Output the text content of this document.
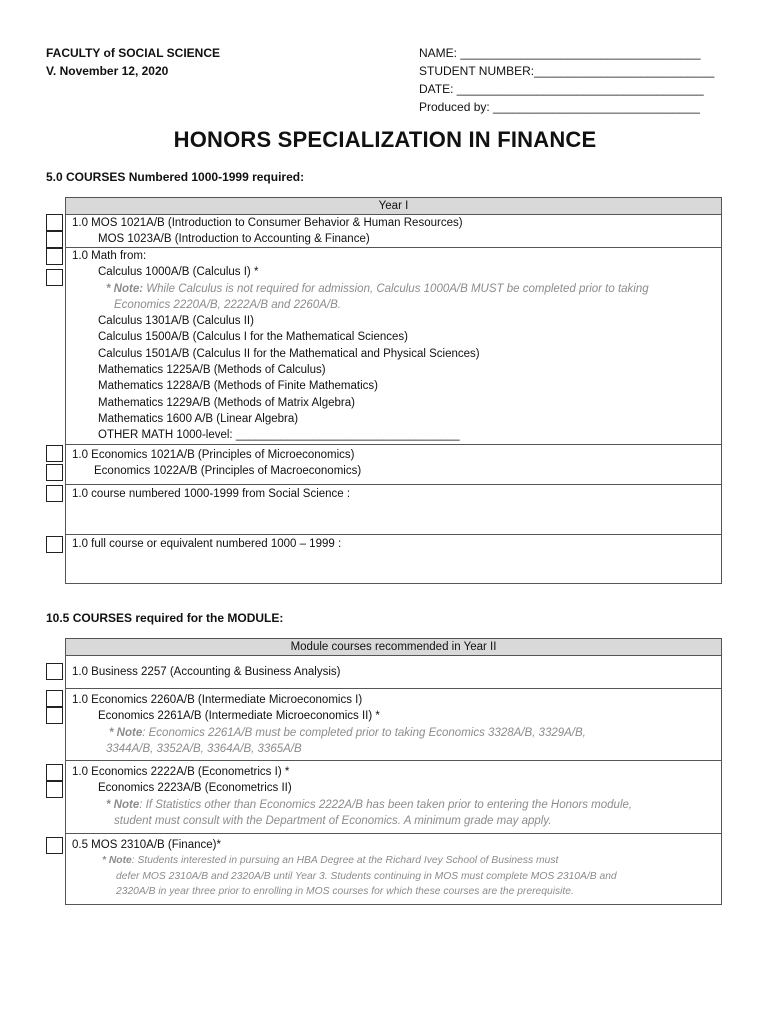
FACULTY of SOCIAL SCIENCE
V. November 12, 2020
NAME: ____________________________________
STUDENT NUMBER:___________________________
DATE: _____________________________________
Produced by: _______________________________
HONORS SPECIALIZATION IN FINANCE
5.0 COURSES Numbered 1000-1999 required:
Year I
1.0 MOS 1021A/B (Introduction to Consumer Behavior & Human Resources)
MOS 1023A/B (Introduction to Accounting & Finance)
1.0 Math from:
Calculus 1000A/B (Calculus I) *
* Note: While Calculus is not required for admission, Calculus 1000A/B MUST be completed prior to taking
Economics 2220A/B, 2222A/B and 2260A/B.
Calculus 1301A/B (Calculus II)
Calculus 1500A/B (Calculus I for the Mathematical Sciences)
Calculus 1501A/B (Calculus II for the Mathematical and Physical Sciences)
Mathematics 1225A/B (Methods of Calculus)
Mathematics 1228A/B (Methods of Finite Mathematics)
Mathematics 1229A/B (Methods of Matrix Algebra)
Mathematics 1600 A/B (Linear Algebra)
OTHER MATH 1000-level: ___________________________________
1.0 Economics 1021A/B (Principles of Microeconomics)
Economics 1022A/B (Principles of Macroeconomics)
1.0 course numbered 1000-1999 from Social Science :
1.0 full course or equivalent numbered 1000 – 1999 :
10.5 COURSES required for the MODULE:
Module courses recommended in Year II
1.0 Business 2257 (Accounting & Business Analysis)
1.0 Economics 2260A/B (Intermediate Microeconomics I)
Economics 2261A/B (Intermediate Microeconomics II) *
* Note: Economics 2261A/B must be completed prior to taking Economics 3328A/B, 3329A/B,
3344A/B, 3352A/B, 3364A/B, 3365A/B
1.0 Economics 2222A/B (Econometrics I) *
Economics 2223A/B (Econometrics II)
* Note: If Statistics other than Economics 2222A/B has been taken prior to entering the Honors module,
student must consult with the Department of Economics. A minimum grade may apply.
0.5 MOS 2310A/B (Finance)*
* Note: Students interested in pursuing an HBA Degree at the Richard Ivey School of Business must
defer MOS 2310A/B and 2320A/B until Year 3. Students continuing in MOS must complete MOS 2310A/B and
2320A/B in year three prior to enrolling in MOS courses for which these courses are the prerequisite.
